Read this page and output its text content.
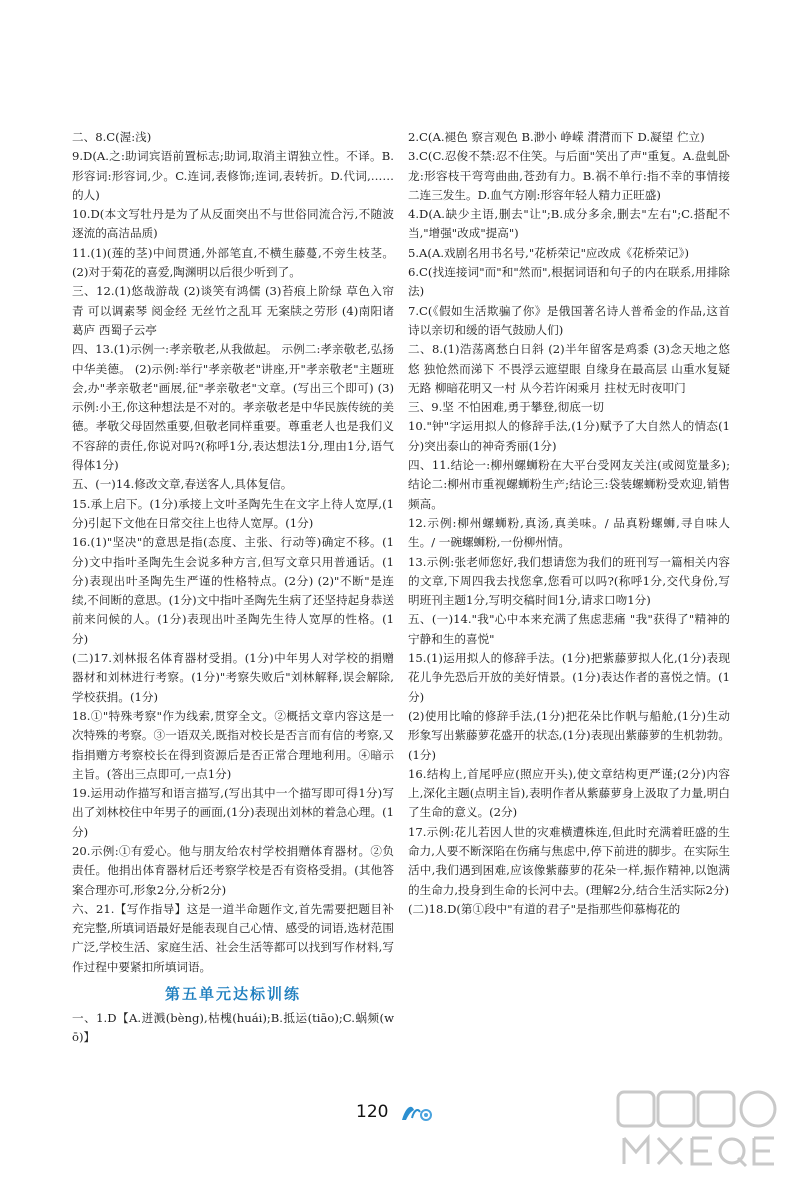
二、8.C(渥:浅)

9.D(A.之:助词宾语前置标志;助词,取消主谓独立性。不译。B.形容词:形容词,少。C.连词,表修饰;连词,表转折。D.代词,……的人)

10.D(本文写牡丹是为了从反面突出不与世俗同流合污,不随波逐流的高洁品质)

11.(1)(莲的茎)中间贯通,外部笔直,不横生藤蔓,不旁生枝茎。 (2)对于菊花的喜爱,陶渊明以后很少听到了。

三、12.(1)悠哉游哉 (2)谈笑有鸿儒 (3)苔痕上阶绿 草色入帘青 可以调素琴 阅金经 无丝竹之乱耳 无案牍之劳形 (4)南阳诸葛庐 西蜀子云亭

四、13.(1)示例一:孝亲敬老,从我做起。 示例二:孝亲敬老,弘扬中华美德。 (2)示例:举行"孝亲敬老"讲座,开"孝亲敬老"主题班会,办"孝亲敬老"画展,征"孝亲敬老"文章。(写出三个即可) (3)示例:小王,你这种想法是不对的。孝亲敬老是中华民族传统的美德。孝敬父母固然重要,但敬老同样重要。尊重老人也是我们义不容辞的责任,你说对吗?(称呼1分,表达想法1分,理由1分,语气得体1分)

五、(一)14.修改文章,春送客人,具体复信。

15.承上启下。(1分)承接上文叶圣陶先生在文字上待人宽厚,(1分)引起下文他在日常交往上也待人宽厚。(1分)

16.(1)"坚决"的意思是指(态度、主张、行动等)确定不移。(1分)文中指叶圣陶先生会说多种方言,但写文章只用普通话。(1分)表现出叶圣陶先生严谨的性格特点。(2分) (2)"不断"是连续,不间断的意思。(1分)文中指叶圣陶先生病了还坚持起身恭送前来问候的人。(1分)表现出叶圣陶先生待人宽厚的性格。(1分)

(二)17.刘林报名体育器材受捐。(1分)中年男人对学校的捐赠器材和刘林进行考察。(1分)"考察失败后"刘林解释,误会解除,学校获捐。(1分)

18.①"特殊考察"作为线索,贯穿全文。②概括文章内容这是一次特殊的考察。③一语双关,既指对校长是否言而有信的考察,又指捐赠方考察校长在得到资源后是否正常合理地利用。④暗示主旨。(答出三点即可,一点1分)

19.运用动作描写和语言描写,(写出其中一个描写即可得1分)写出了刘林校住中年男子的画面,(1分)表现出刘林的着急心理。(1分)

20.示例:①有爱心。他与朋友给农村学校捐赠体育器材。②负责任。他捐出体育器材后还考察学校是否有资格受捐。(其他答案合理亦可,形象2分,分析2分)

六、21.【写作指导】这是一道半命题作文,首先需要把题目补充完整,所填词语最好是能表现自己心情、感受的词语,选材范围广泛,学校生活、家庭生活、社会生活等都可以找到写作材料,写作过程中要紧扣所填词语。

第五单元达标训练

一、1.D【A.迸溅(bèng),枯槐(huái);B.抵运(tiāo);C.蜗频(wō)】

2.C(A.褪色 察言观色 B.渺小 峥嵘 潸潸而下 D.凝望 伫立)

3.C(C.忍俊不禁:忍不住笑。与后面"笑出了声"重复。A.盘虬卧龙:形容枝干弯弯曲曲,苍劲有力。B.祸不单行:指不幸的事情接二连三发生。D.血气方刚:形容年轻人精力正旺盛)

4.D(A.缺少主语,删去"让";B.成分多余,删去"左右";C.搭配不当,"增强"改成"提高")

5.A(A.戏剧名用书名号,"花桥荣记"应改成《花桥荣记》)

6.C(找连接词"而"和"然而",根据词语和句子的内在联系,用排除法)

7.C(《假如生活欺骗了你》是俄国著名诗人普希金的作品,这首诗以亲切和缓的语气鼓励人们)

二、8.(1)浩荡离愁白日斜 (2)半年留客是鸡黍 (3)念天地之悠悠 独怆然而涕下 不畏浮云遮望眼 自缘身在最高层 山重水复疑无路 柳暗花明又一村 从今若许闲乘月 拄杖无时夜叩门

三、9.坚 不怕困难,勇于攀登,彻底一切

10."钟"字运用拟人的修辞手法,(1分)赋予了大自然人的情态(1分)突出泰山的神奇秀丽(1分)

四、11.结论一:柳州螺蛳粉在大平台受网友关注(或阅览量多);结论二:柳州市重视螺蛳粉生产;结论三:袋装螺蛳粉受欢迎,销售频高。

12.示例:柳州螺蛳粉,真汤,真美味。/ 品真粉螺蛳,寻自味人生。/ 一碗螺蛳粉,一份柳州情。

13.示例:张老师您好,我们想请您为我们的班刊写一篇相关内容的文章,下周四我去找您拿,您看可以吗?(称呼1分,交代身份,写明班刊主题1分,写明交稿时间1分,请求口吻1分)

五、(一)14."我"心中本来充满了焦虑悲痛 "我"获得了"精神的宁静和生的喜悦"

15.(1)运用拟人的修辞手法。(1分)把紫藤萝拟人化,(1分)表现花儿争先恐后开放的美好情景。(1分)表达作者的喜悦之情。(1分)

(2)使用比喻的修辞手法,(1分)把花朵比作帆与船舱,(1分)生动形象写出紫藤萝花盛开的状态,(1分)表现出紫藤萝的生机勃勃。(1分)

16.结构上,首尾呼应(照应开头),使文章结构更严谨;(2分)内容上,深化主题(点明主旨),表明作者从紫藤萝身上汲取了力量,明白了生命的意义。(2分)

17.示例:花儿若因人世的灾难横遭株连,但此时充满着旺盛的生命力,人要不断深陷在伤痛与焦虑中,停下前进的脚步。在实际生活中,我们遇到困难,应该像紫藤萝的花朵一样,振作精神,以饱满的生命力,投身到生命的长河中去。(理解2分,结合生活实际2分)

(二)18.D(第①段中"有道的君子"是指那些仰慕梅花的

120
